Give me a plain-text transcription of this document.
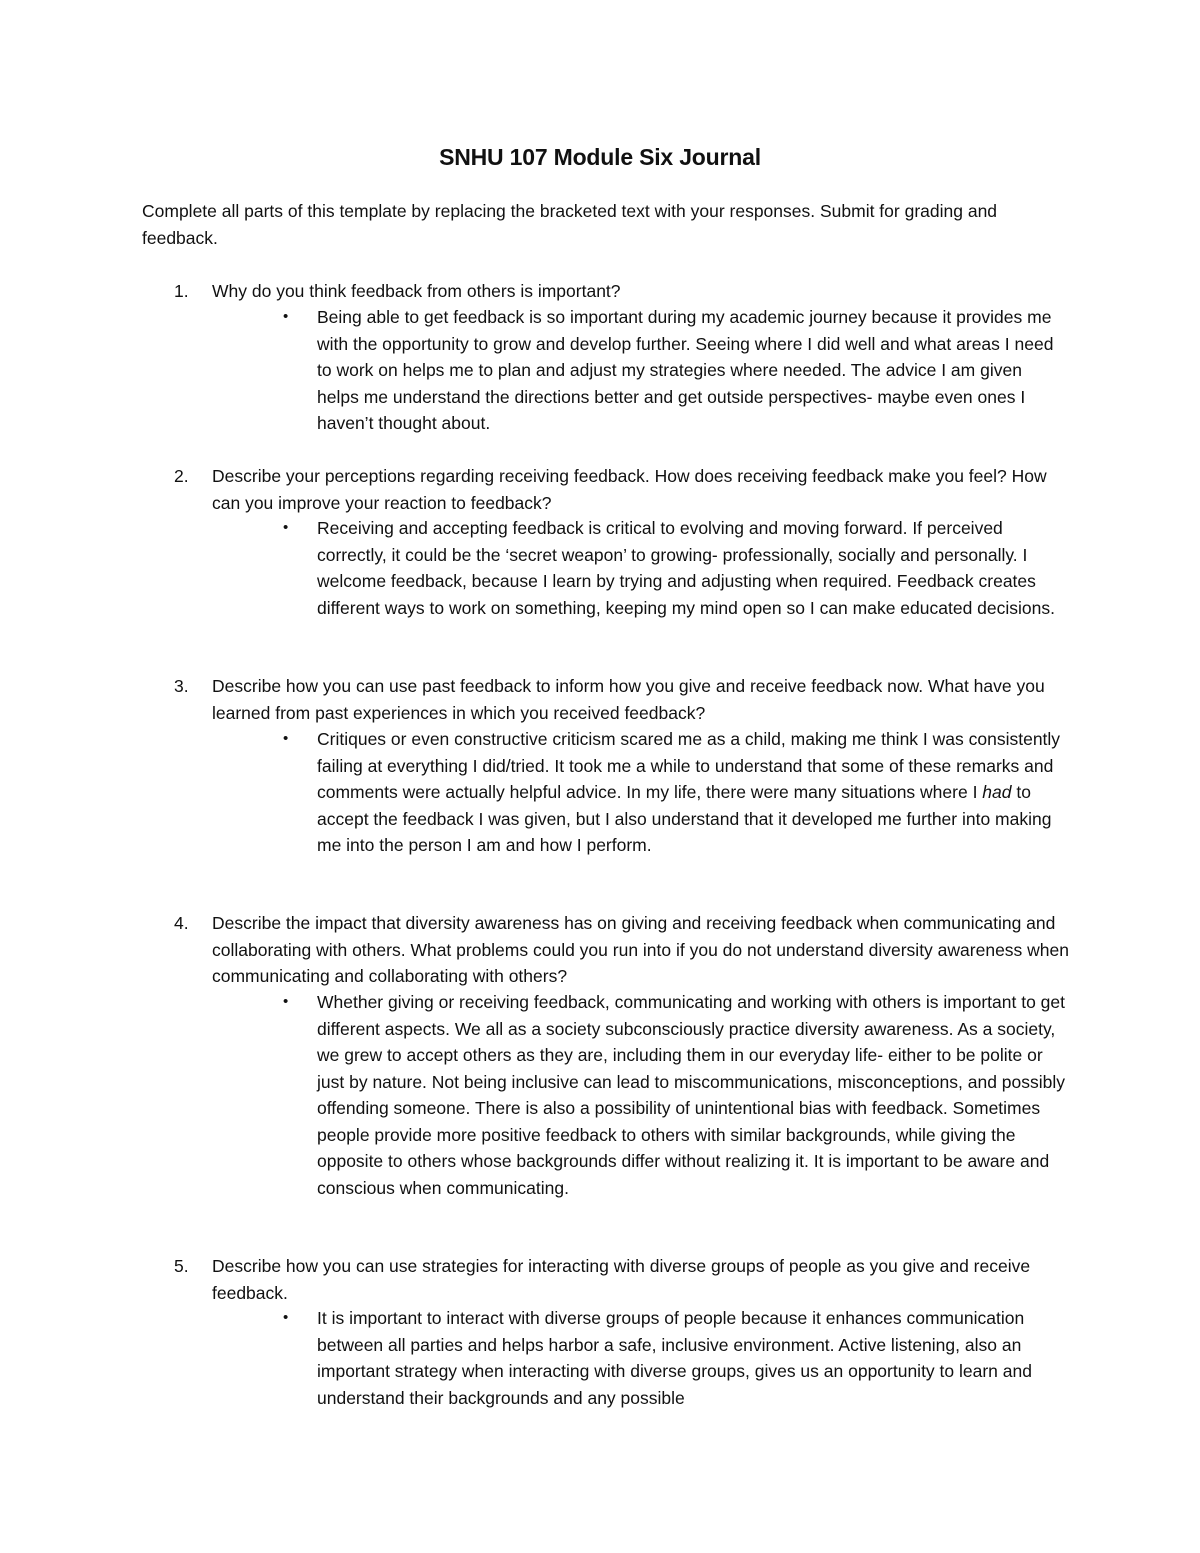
SNHU 107 Module Six Journal

Complete all parts of this template by replacing the bracketed text with your responses. Submit for grading and feedback.

1. Why do you think feedback from others is important?

• Being able to get feedback is so important during my academic journey because it provides me with the opportunity to grow and develop further. Seeing where I did well and what areas I need to work on helps me to plan and adjust my strategies where needed. The advice I am given helps me understand the directions better and get outside perspectives- maybe even ones I haven’t thought about.

2. Describe your perceptions regarding receiving feedback. How does receiving feedback make you feel? How can you improve your reaction to feedback?

• Receiving and accepting feedback is critical to evolving and moving forward. If perceived correctly, it could be the ‘secret weapon’ to growing- professionally, socially and personally. I welcome feedback, because I learn by trying and adjusting when required. Feedback creates different ways to work on something, keeping my mind open so I can make educated decisions.

3. Describe how you can use past feedback to inform how you give and receive feedback now. What have you learned from past experiences in which you received feedback?

• Critiques or even constructive criticism scared me as a child, making me think I was consistently failing at everything I did/tried. It took me a while to understand that some of these remarks and comments were actually helpful advice. In my life, there were many situations where I had to accept the feedback I was given, but I also understand that it developed me further into making me into the person I am and how I perform.

4. Describe the impact that diversity awareness has on giving and receiving feedback when communicating and collaborating with others. What problems could you run into if you do not understand diversity awareness when communicating and collaborating with others?

• Whether giving or receiving feedback, communicating and working with others is important to get different aspects. We all as a society subconsciously practice diversity awareness. As a society, we grew to accept others as they are, including them in our everyday life- either to be polite or just by nature. Not being inclusive can lead to miscommunications, misconceptions, and possibly offending someone. There is also a possibility of unintentional bias with feedback. Sometimes people provide more positive feedback to others with similar backgrounds, while giving the opposite to others whose backgrounds differ without realizing it. It is important to be aware and conscious when communicating.

5. Describe how you can use strategies for interacting with diverse groups of people as you give and receive feedback.

• It is important to interact with diverse groups of people because it enhances communication between all parties and helps harbor a safe, inclusive environment. Active listening, also an important strategy when interacting with diverse groups, gives us an opportunity to learn and understand their backgrounds and any possible
